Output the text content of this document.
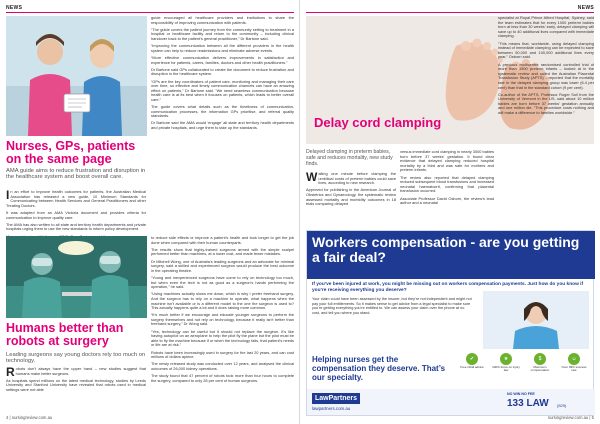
NEWS
Nurses, GPs, patients on the same page
AMA guide aims to reduce frustration and disruption in the healthcare system and boost overall care.
I n an effort to improve health outcomes for patients, the Australian Medical Association has released a new guide, 10 Minimum Standards for Communicating between Health Services and General Practitioners and other Treating Doctors.

It was adapted from an AMA Victoria document and provides criteria for communication to improve quality care.

The AMA has also written to all state and territory health departments and private hospitals urging them to use the new standards to inform policy development.

guide encouraged all healthcare providers and institutions to share the responsibility of improving communication with patients.

“The guide covers the patient journey from the community setting to treatment in a hospital or healthcare facility and return to the community – including clinical handover back to the patient’s general practitioner,” Dr Bartone said.

“Improving the communication between all the different providers in the health system can help to reduce readmissions and eliminate adverse events.

“More effective communication delivers improvements in satisfaction and experience for patients, carers, families, doctors and other health practitioners.”

Dr Bartone said GPs collaborated to create the document to reduce frustration and disruption in the healthcare system.

“GPs are the key coordinators of patient care, monitoring and managing their care over time, so effective and timely communication channels can have an amazing effect on patients,” Dr Bartone said. “We need seamless communication because health care is at its best when it focuses on patients, which leads to better overall care.”

The guide covers what details such as the timeliness of communication, communication processes, the information GPs prioritise, and referral quality standards.

Dr Bartone said the AMA would ‘engage’ all state and territory health departments and private hospitals, and urge them to take up the standards.

Humans better than robots at surgery
Leading surgeons say young doctors rely too much on technology.
R obots don’t always have the upper hand – new studies suggest that humans make better surgeons.

As hospitals spend millions on the latest medical technology, studies by Leeds University and Stanford University have revealed that robots used in medical settings were not able

to reduce side effects or improve a patient’s health and took longer to get the job done when compared with their human counterparts.

The results show that highly-trained surgeons armed with the simple scalpel performed better than machines, at a lower cost, and made fewer mistakes.

Dr Mitchell Wong, one of Australia’s leading surgeons and an advocate for minimal surgery, said a skilled and experienced surgeon would produce the best outcome in the operating theatre.

“Young and inexperienced surgeons have come to rely on technology too much, but when even the tech is not as good as a surgeon’s hands performing the operation,” he said.

“Using machines actually slows me down, which is why I prefer freehand surgery. And the surgeon has to rely on a machine to operate, what happens when the machine isn’t available or is a different model to the one the surgeon is used to? This actually happens quite a lot and it does raising more common.

“It’s much better if we encourage and educate younger surgeons to perform the surgery themselves and not rely on technology, because it really isn’t better than freehand surgery,” Dr Wong said.

“Yes, technology can be useful but it should not replace the surgeon. It’s like having autopilot on an aeroplane to help the pilot fly the plane but the pilot must be able to fly the machine because if or when the technology fails, that patient’s needs or life are at risk.”

Robots have been increasingly used in surgery for the last 20 years, and can cost millions of dollars apiece.

The newly released study was conducted over 12 years, and analysed the clinical outcomes of 26,000 kidney operations.

The study found that 47 percent of robots took more than four hours to complete the surgery, compared to only 28 per cent of human surgeons.

4 | nursingreview.com.au
NEWS
Delay cord clamping
Delayed clamping in preterm babies, safe and reduces mortality, new study finds.
W aiting one minute before clamping the umbilical cords of preterm babies could save lives, according to new research.

Approved for publishing in the American Journal of Obstetrics and Gynaecology, the systematic review assessed mortality and morbidity outcomes in 18 trials comparing delayed

versus immediate cord clamping in nearly 3000 babies born before 37 weeks’ gestation. It found clear evidence that delayed clamping reduced hospital mortality by a third and was safe for mothers and preterm infants.

The review also reported that delayed clamping reduced subsequent blood transfusions and increased neonatal haematocrit, confirming that placental transfusion occurred.

Associate Professor David Osborn, the review’s lead author and a neonatal

specialist at Royal Prince Alfred Hospital, Sydney, said the team estimates that for every 1000 preterm babies born at less than 30 weeks’ early, delayed clamping will save up to 40 additional lives compared with immediate clamping.

“This means that, worldwide, using delayed clamping instead of immediate clamping can be expected to save between 50,000 and 100,000 additional lives every year,” Osborn said.

A previous multicentre randomised controlled trial of more than 1500 preterm infants – looked at in the systematic review and called the Australian Placental Transfusion Study (APTS) – reported that the mortality rate in the delayed clamping group was lower (6.4 per cent) than that in the standard cohort (9 per cent).

Co-author of the APTS, Professor Roger Soll from the University of Vermont in the US, said about 10 million babies are born before 37 weeks’ gestation annually and one million die. “This procedure costs nothing and will make a difference to families worldwide.”

Workers compensation - are you getting a fair deal?
If you’ve been injured at work, you might be missing out on workers compensation payments. Just how do you know if you’re receiving everything you deserve?
Your claim could have been assessed by the insurer, but they’re not independent and might not pay your full entitlements. So it makes sense to get advice from a legal specialist to make sure you’re getting everything you’re entitled to. We can assess your claim over the phone at no cost, and tell you where you stand.
Helping nurses get the compensation they deserve. That’s our specialty.
✔
Free initial advice
★
100% focus on injury law
$
Maximum compensation
☺
Over 99% success rate
LawPartners
lawpartners.com.au
NO WIN NO FEE
133 LAW (529)
nursingreview.com.au | 5
